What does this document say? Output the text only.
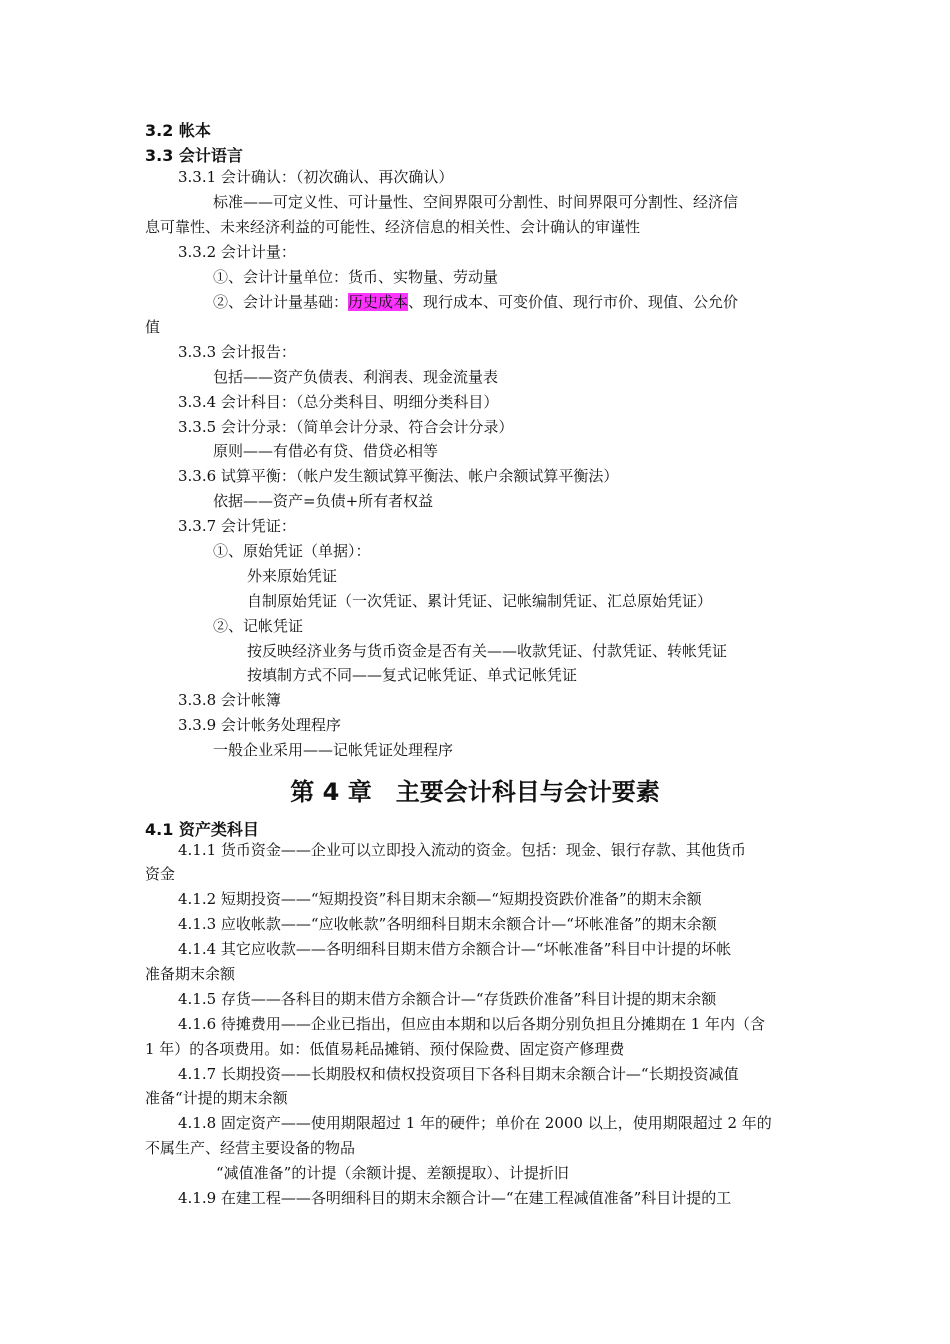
3.2 帐本
3.3 会计语言
3.3.1 会计确认：（初次确认、再次确认）
标准——可定义性、可计量性、空间界限可分割性、时间界限可分割性、经济信
息可靠性、未来经济利益的可能性、经济信息的相关性、会计确认的审谨性
3.3.2 会计计量：
①、会计计量单位：货币、实物量、劳动量
②、会计计量基础：历史成本、现行成本、可变价值、现行市价、现值、公允价
值
3.3.3 会计报告：
包括——资产负债表、利润表、现金流量表
3.3.4 会计科目：（总分类科目、明细分类科目）
3.3.5 会计分录：（简单会计分录、符合会计分录）
原则——有借必有贷、借贷必相等
3.3.6 试算平衡：（帐户发生额试算平衡法、帐户余额试算平衡法）
依据——资产=负债+所有者权益
3.3.7 会计凭证：
①、原始凭证（单据）：
外来原始凭证
自制原始凭证（一次凭证、累计凭证、记帐编制凭证、汇总原始凭证）
②、记帐凭证
按反映经济业务与货币资金是否有关——收款凭证、付款凭证、转帐凭证
按填制方式不同——复式记帐凭证、单式记帐凭证
3.3.8 会计帐簿
3.3.9 会计帐务处理程序
一般企业采用——记帐凭证处理程序
第 4 章　主要会计科目与会计要素
4.1 资产类科目
4.1.1 货币资金——企业可以立即投入流动的资金。包括：现金、银行存款、其他货币
资金
4.1.2 短期投资——“短期投资”科目期末余额—“短期投资跌价准备”的期末余额
4.1.3 应收帐款——“应收帐款”各明细科目期末余额合计—“坏帐准备”的期末余额
4.1.4 其它应收款——各明细科目期末借方余额合计—“坏帐准备”科目中计提的坏帐
准备期末余额
4.1.5 存货——各科目的期末借方余额合计—“存货跌价准备”科目计提的期末余额
4.1.6 待摊费用——企业已指出，但应由本期和以后各期分别负担且分摊期在 1 年内（含
1 年）的各项费用。如：低值易耗品摊销、预付保险费、固定资产修理费
4.1.7 长期投资——长期股权和债权投资项目下各科目期末余额合计—“长期投资减值
准备“计提的期末余额
4.1.8 固定资产——使用期限超过 1 年的硬件；单价在 2000 以上，使用期限超过 2 年的
不属生产、经营主要设备的物品
“减值准备”的计提（余额计提、差额提取）、计提折旧
4.1.9 在建工程——各明细科目的期末余额合计—“在建工程减值准备”科目计提的工
